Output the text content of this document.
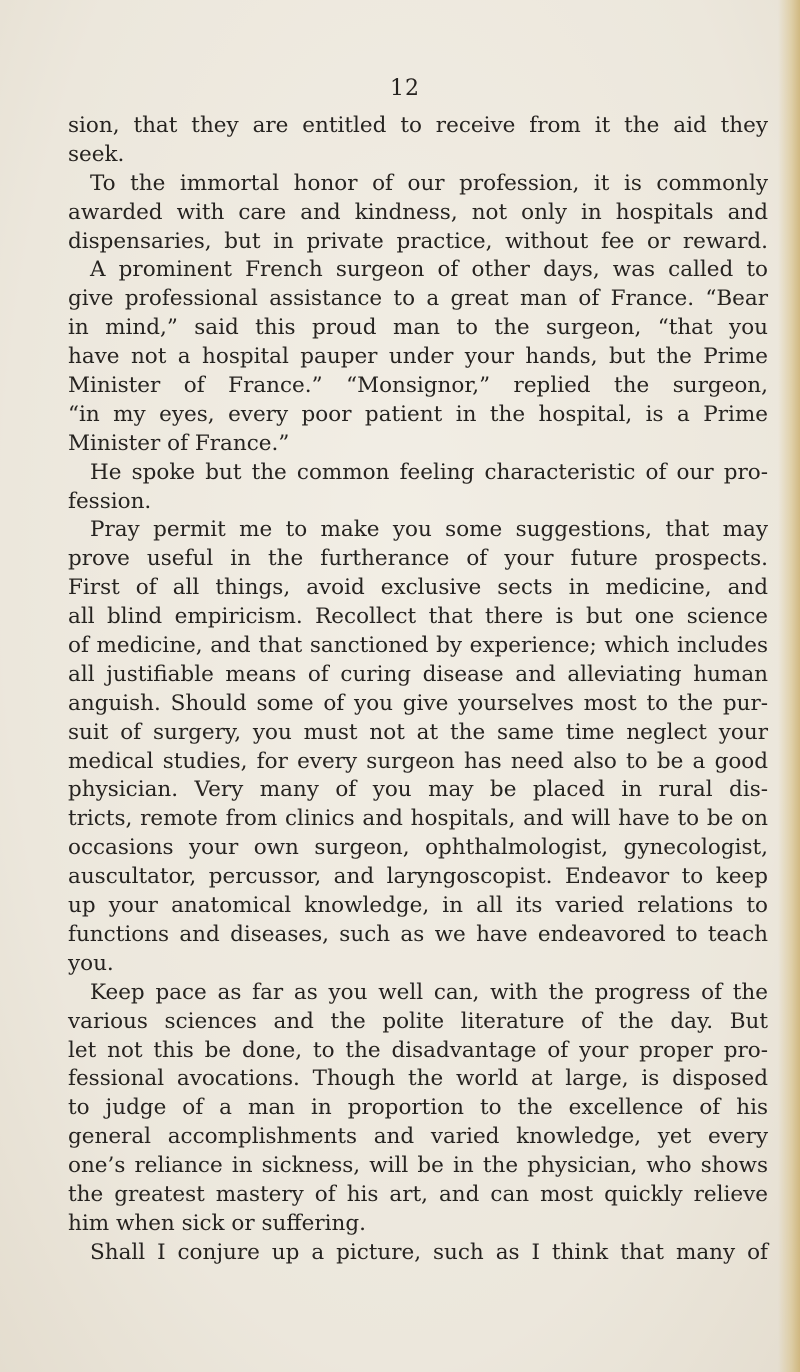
12
sion, that they are entitled to receive from it the aid they
seek.
To the immortal honor of our profession, it is commonly
awarded with care and kindness, not only in hospitals and
dispensaries, but in private practice, without fee or reward.
A prominent French surgeon of other days, was called to
give professional assistance to a great man of France. “Bear
in mind,” said this proud man to the surgeon, “that you
have not a hospital pauper under your hands, but the Prime
Minister of France.” “Monsignor,” replied the surgeon,
“in my eyes, every poor patient in the hospital, is a Prime
Minister of France.”
He spoke but the common feeling characteristic of our pro-
fession.
Pray permit me to make you some suggestions, that may
prove useful in the furtherance of your future prospects.
First of all things, avoid exclusive sects in medicine, and
all blind empiricism. Recollect that there is but one science
of medicine, and that sanctioned by experience; which includes
all justifiable means of curing disease and alleviating human
anguish. Should some of you give yourselves most to the pur-
suit of surgery, you must not at the same time neglect your
medical studies, for every surgeon has need also to be a good
physician. Very many of you may be placed in rural dis-
tricts, remote from clinics and hospitals, and will have to be on
occasions your own surgeon, ophthalmologist, gynecologist,
auscultator, percussor, and laryngoscopist. Endeavor to keep
up your anatomical knowledge, in all its varied relations to
functions and diseases, such as we have endeavored to teach
you.
Keep pace as far as you well can, with the progress of the
various sciences and the polite literature of the day. But
let not this be done, to the disadvantage of your proper pro-
fessional avocations. Though the world at large, is disposed
to judge of a man in proportion to the excellence of his
general accomplishments and varied knowledge, yet every
one’s reliance in sickness, will be in the physician, who shows
the greatest mastery of his art, and can most quickly relieve
him when sick or suffering.
Shall I conjure up a picture, such as I think that many of
